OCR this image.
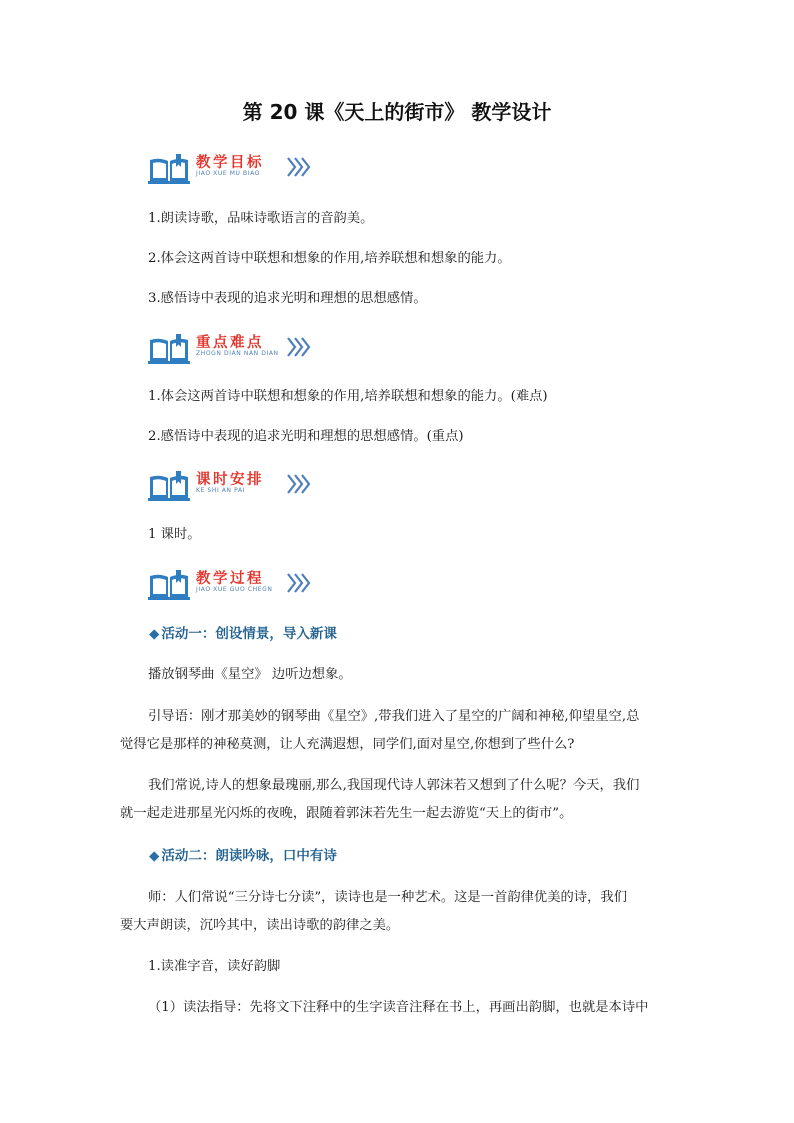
第 20 课《天上的街市》 教学设计
教学目标
JIAO XUE MU BIAO
1.朗读诗歌，品味诗歌语言的音韵美。
2.体会这两首诗中联想和想象的作用,培养联想和想象的能力。
3.感悟诗中表现的追求光明和理想的思想感情。
重点难点
ZHOGN DIAN NAN DIAN
1.体会这两首诗中联想和想象的作用,培养联想和想象的能力。(难点)
2.感悟诗中表现的追求光明和理想的思想感情。(重点)
课时安排
KE SHI AN PAI
1 课时。
教学过程
JIAO XUE GUO CHEGN
◆ 活动一：创设情景，导入新课
播放钢琴曲《星空》 边听边想象。
引导语：刚才那美妙的钢琴曲《星空》,带我们进入了星空的广阔和神秘,仰望星空,总
觉得它是那样的神秘莫测，让人充满遐想，同学们,面对星空,你想到了些什么?
我们常说,诗人的想象最瑰丽,那么,我国现代诗人郭沫若又想到了什么呢？今天，我们
就一起走进那星光闪烁的夜晚，跟随着郭沫若先生一起去游览“天上的街市”。
◆ 活动二：朗读吟咏，口中有诗
师：人们常说“三分诗七分读”，读诗也是一种艺术。这是一首韵律优美的诗，我们
要大声朗读，沉吟其中，读出诗歌的韵律之美。
1.读准字音，读好韵脚
（1）读法指导：先将文下注释中的生字读音注释在书上，再画出韵脚，也就是本诗中
